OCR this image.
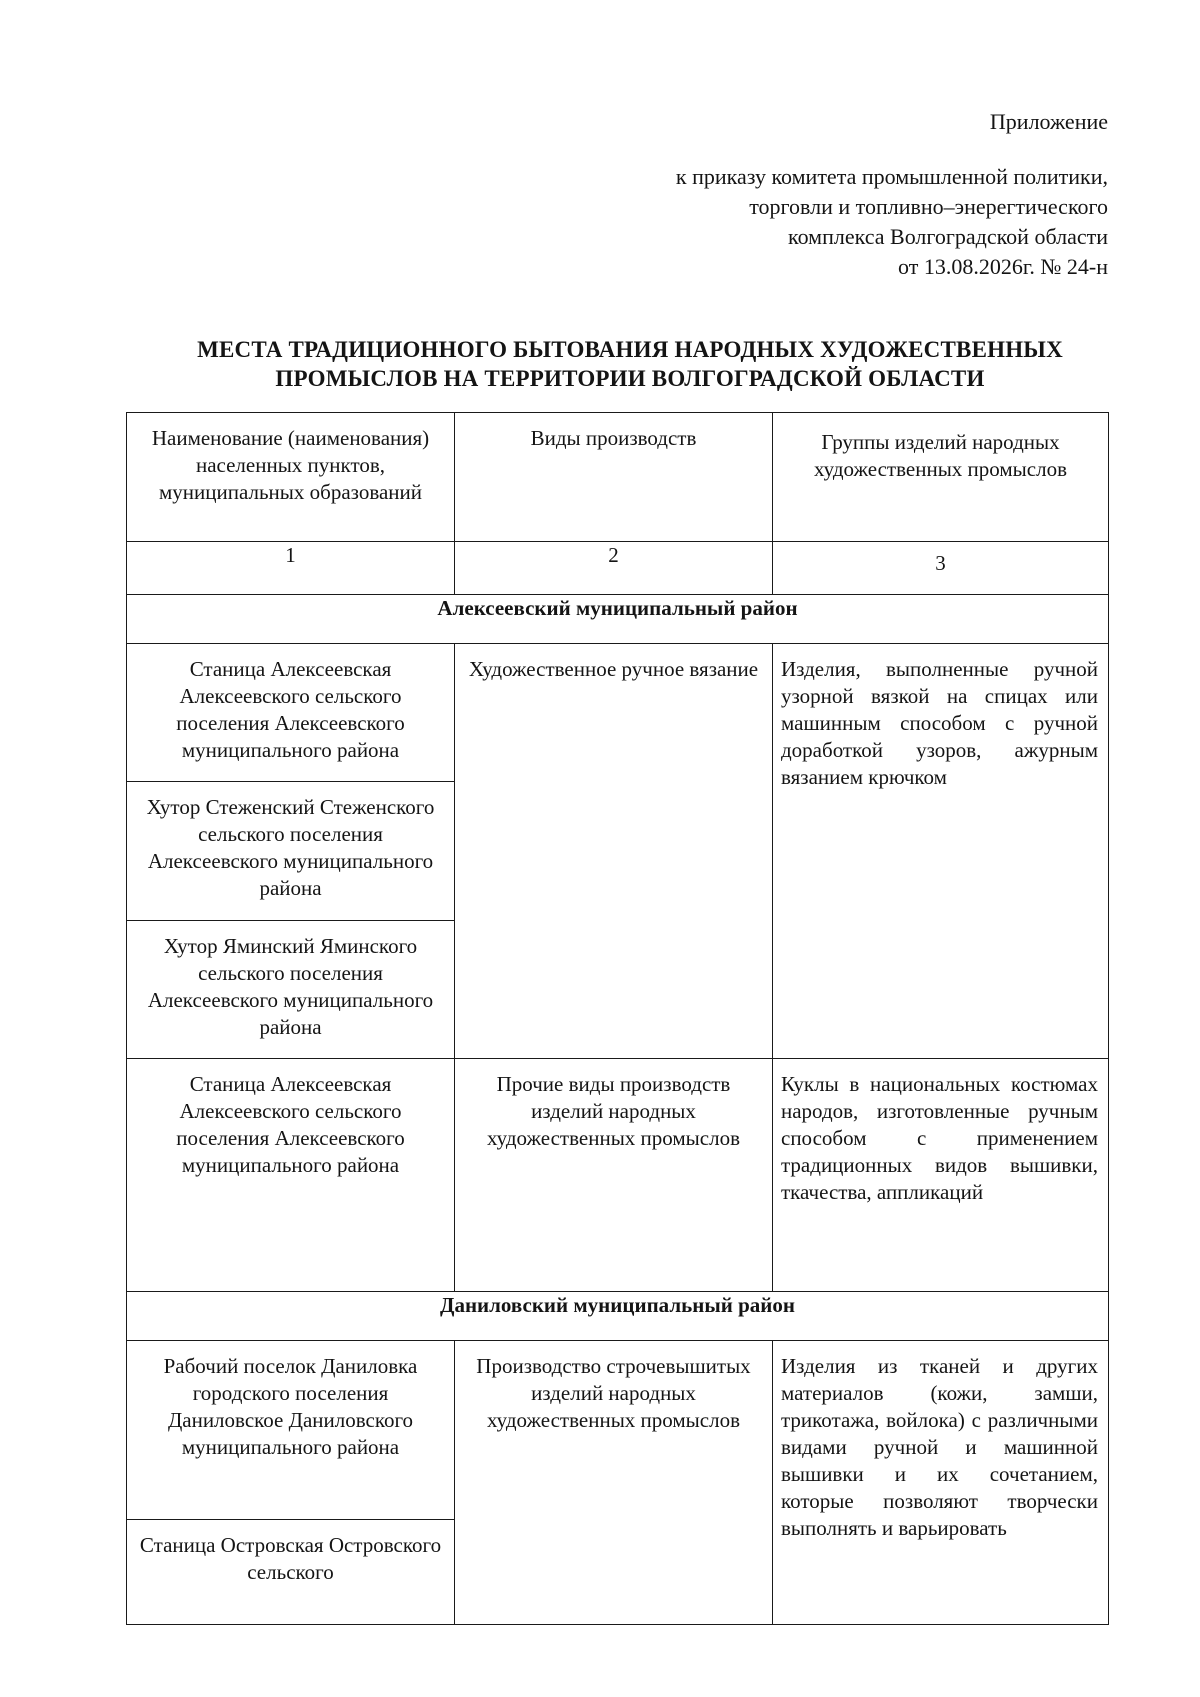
Приложение
к приказу комитета промышленной политики,
торговли и топливно–энерегтического
комплекса Волгоградской области
от 13.08.2026г. № 24-н
МЕСТА ТРАДИЦИОННОГО БЫТОВАНИЯ НАРОДНЫХ ХУДОЖЕСТВЕННЫХ
ПРОМЫСЛОВ НА ТЕРРИТОРИИ ВОЛГОГРАДСКОЙ ОБЛАСТИ
Наименование (наименования) населенных пунктов, муниципальных образований	Виды производств	Группы изделий народных художественных промыслов

1	2	3
Алексеевский муниципальный район		
Станица Алексеевская Алексеевского сельского поселения Алексеевского муниципального района	Художественное ручное вязание	Изделия, выполненные ручной узорной вязкой на спицах или машинным способом с ручной доработкой узоров, ажурным вязанием крючком
Хутор Стеженский Стеженского сельского поселения Алексеевского муниципального района		
Хутор Яминский Яминского сельского поселения Алексеевского муниципального района		
Станица Алексеевская Алексеевского сельского поселения Алексеевского муниципального района	Прочие виды производств изделий народных художественных промыслов	Куклы в национальных костюмах народов, изготовленные ручным способом с применением традиционных видов вышивки, ткачества, аппликаций
Даниловский муниципальный район		
Рабочий поселок Даниловка городского поселения Даниловское Даниловского муниципального района	Производство строчевышитых изделий народных художественных промыслов	Изделия из тканей и других материалов (кожи, замши, трикотажа, войлока) с различными видами ручной и машинной вышивки и их сочетанием, которые позволяют творчески выполнять и варьировать
Станица Островская Островского сельского		
